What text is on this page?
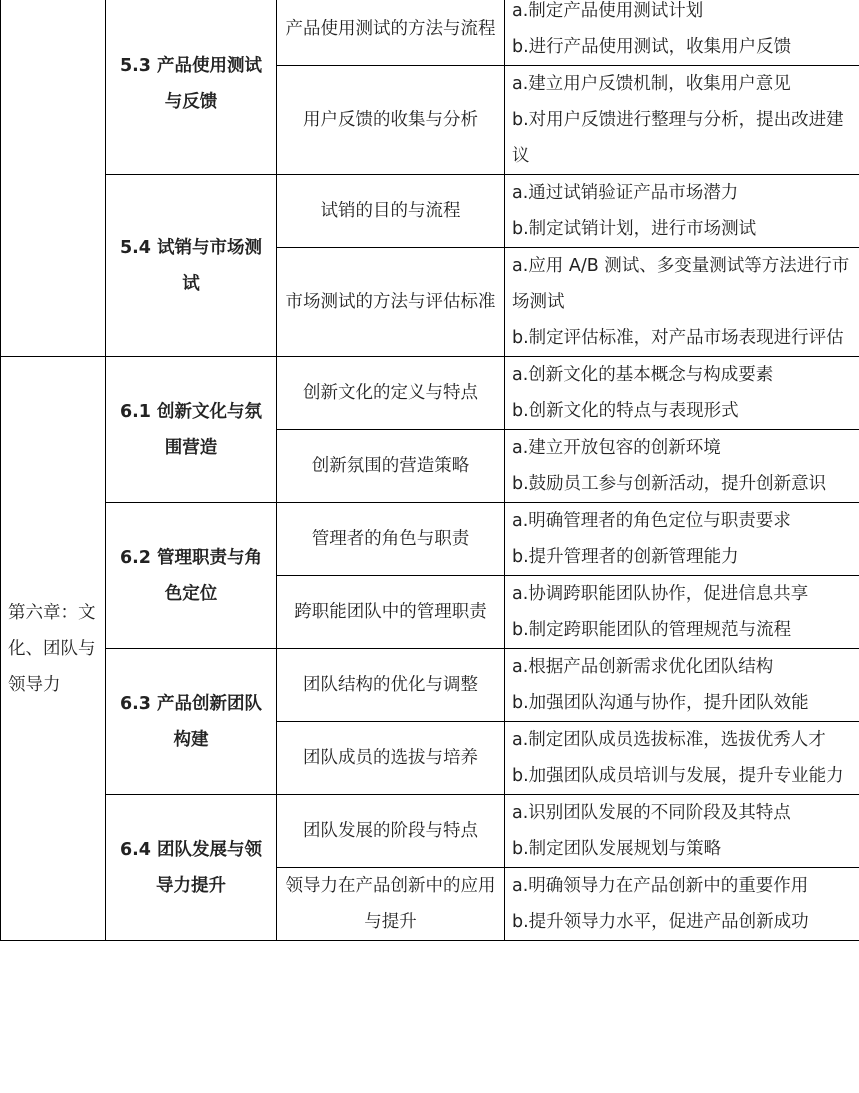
	5.3 产品使用测试与反馈	产品使用测试的方法与流程	a.制定产品使用测试计划
b.进行产品使用测试，收集用户反馈

		用户反馈的收集与分析	a.建立用户反馈机制，收集用户意见
b.对用户反馈进行整理与分析，提出改进建议

	5.4 试销与市场测试	试销的目的与流程	a.通过试销验证产品市场潜力
b.制定试销计划，进行市场测试

		市场测试的方法与评估标准	a.应用 A/B 测试、多变量测试等方法进行市场测试
b.制定评估标准，对产品市场表现进行评估

第六章：文化、团队与领导力	6.1 创新文化与氛围营造	创新文化的定义与特点	a.创新文化的基本概念与构成要素
b.创新文化的特点与表现形式

		创新氛围的营造策略	a.建立开放包容的创新环境
b.鼓励员工参与创新活动，提升创新意识

	6.2 管理职责与角色定位	管理者的角色与职责	a.明确管理者的角色定位与职责要求
b.提升管理者的创新管理能力

		跨职能团队中的管理职责	a.协调跨职能团队协作，促进信息共享
b.制定跨职能团队的管理规范与流程

	6.3 产品创新团队构建	团队结构的优化与调整	a.根据产品创新需求优化团队结构
b.加强团队沟通与协作，提升团队效能

		团队成员的选拔与培养	a.制定团队成员选拔标准，选拔优秀人才
b.加强团队成员培训与发展，提升专业能力

	6.4 团队发展与领导力提升	团队发展的阶段与特点	a.识别团队发展的不同阶段及其特点
b.制定团队发展规划与策略

		领导力在产品创新中的应用与提升	a.明确领导力在产品创新中的重要作用
b.提升领导力水平，促进产品创新成功
